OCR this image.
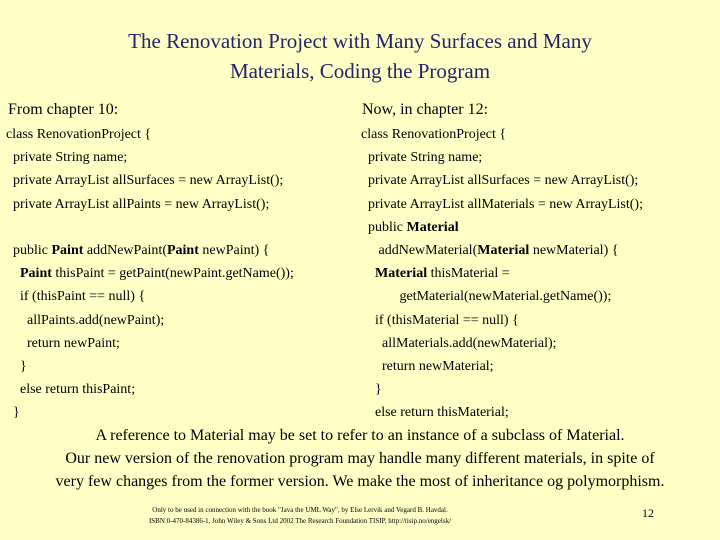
The Renovation Project with Many Surfaces and Many
Materials, Coding the Program
From chapter 10:	Now, in chapter 12:
class RenovationProject {
private String name;
private ArrayList allSurfaces = new ArrayList();
private ArrayList allPaints = new ArrayList();

public Paint addNewPaint(Paint newPaint) {
Paint thisPaint = getPaint(newPaint.getName());
if (thisPaint == null) {
allPaints.add(newPaint);
return newPaint;
}
else return thisPaint;
}
class RenovationProject {
private String name;
private ArrayList allSurfaces = new ArrayList();
private ArrayList allMaterials = new ArrayList();
public Material
addNewMaterial(Material newMaterial) {
Material thisMaterial =
getMaterial(newMaterial.getName());
if (thisMaterial == null) {
allMaterials.add(newMaterial);
return newMaterial;
}
else return thisMaterial;
A reference to Material may be set to refer to an instance of a subclass of Material.
Our new version of the renovation program may handle many different materials, in spite of
very few changes from the former version. We make the most of inheritance og polymorphism.
Only to be used in connection with the book "Java the UML Way", by Else Lervik and Vegard B. Havdal.
ISBN 0-470-84386-1, John Wiley & Sons Ltd 2002 The Research Foundation TISIP, http://tisip.no/engelsk/
12
